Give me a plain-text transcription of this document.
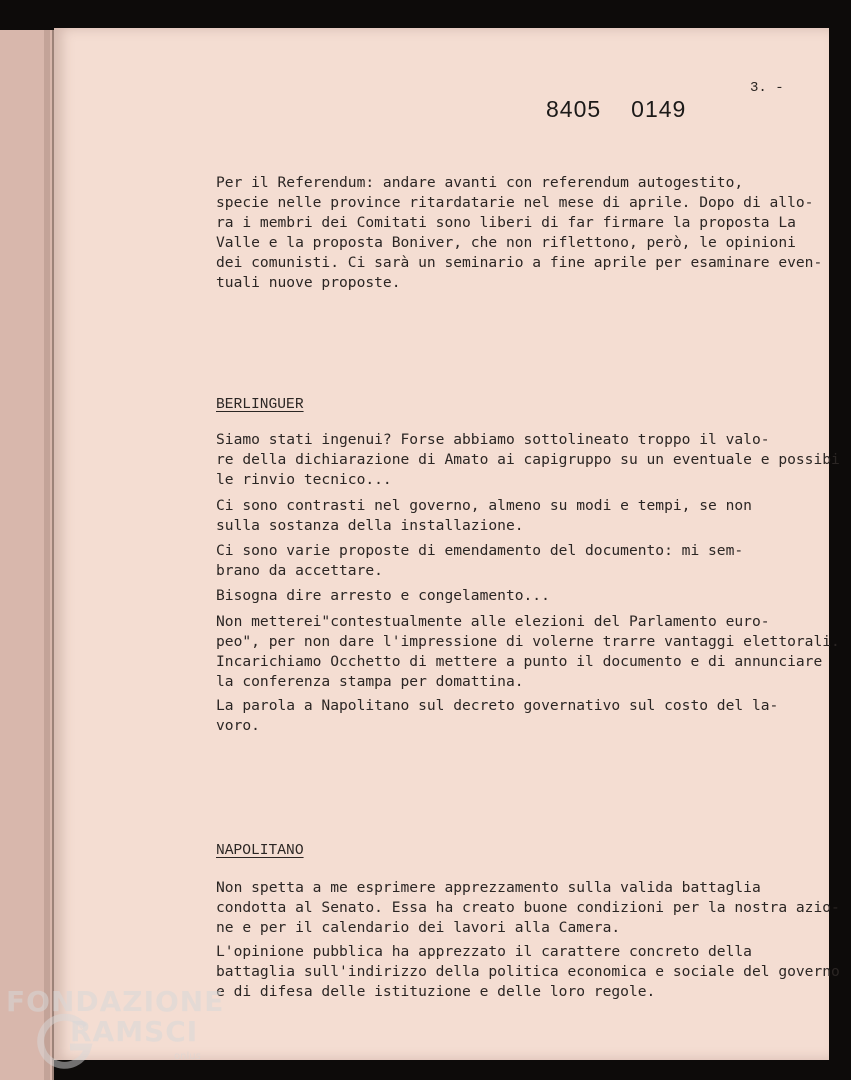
3. -
8405 0149
Per il Referendum: andare avanti con referendum autogestito,
specie nelle province ritardatarie nel mese di aprile. Dopo di allo-
ra i membri dei Comitati sono liberi di far firmare la proposta La
Valle e la proposta Boniver, che non riflettono, però, le opinioni
dei comunisti. Ci sarà un seminario a fine aprile per esaminare even-
tuali nuove proposte.
BERLINGUER
Siamo stati ingenui? Forse abbiamo sottolineato troppo il valo-
re della dichiarazione di Amato ai capigruppo su un eventuale e possibi
le rinvio tecnico...
Ci sono contrasti nel governo, almeno su modi e tempi, se non
sulla sostanza della installazione.
Ci sono varie proposte di emendamento del documento: mi sem-
brano da accettare.
Bisogna dire arresto e congelamento...
Non metterei"contestualmente alle elezioni del Parlamento euro-
peo", per non dare l'impressione di volerne trarre vantaggi elettorali.
Incarichiamo Occhetto di mettere a punto il documento e di annunciare
la conferenza stampa per domattina.
La parola a Napolitano sul decreto governativo sul costo del la-
voro.
NAPOLITANO
Non spetta a me esprimere apprezzamento sulla valida battaglia
condotta al Senato. Essa ha creato buone condizioni per la nostra azio-
ne e per il calendario dei lavori alla Camera.
L'opinione pubblica ha apprezzato il carattere concreto della
battaglia sull'indirizzo della politica economica e sociale del governo
e di difesa delle istituzione e delle loro regole.
FONDAZIONE
RAMSCI
onlus
